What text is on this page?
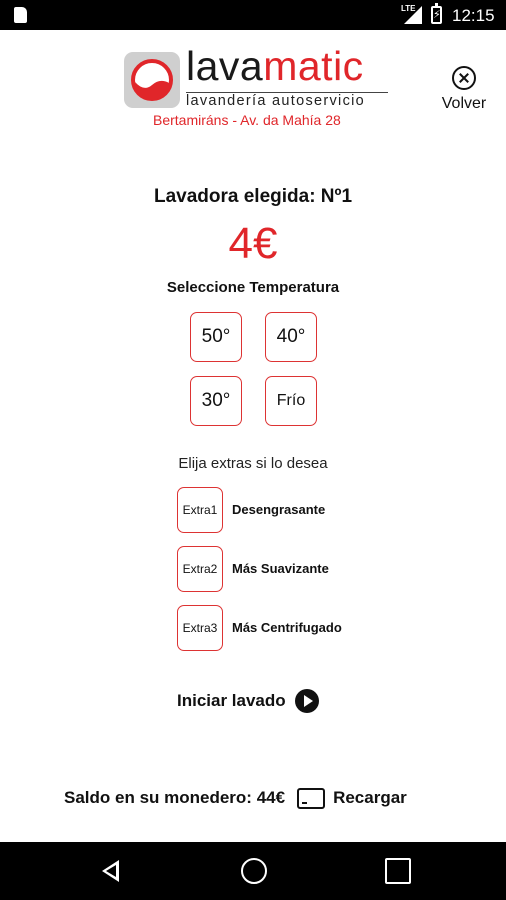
LTE
⚡ 12:15
lavamatic
lavandería autoservicio
Bertamiráns - Av. da Mahía 28
Volver
Lavadora elegida: Nº1
4€
Seleccione Temperatura
50°	40°
30°	Frío
Elija extras si lo desea
Extra1	Desengrasante
Extra2	Más Suavizante
Extra3	Más Centrifugado
Iniciar lavado
Saldo en su monedero: 44€	Recargar
